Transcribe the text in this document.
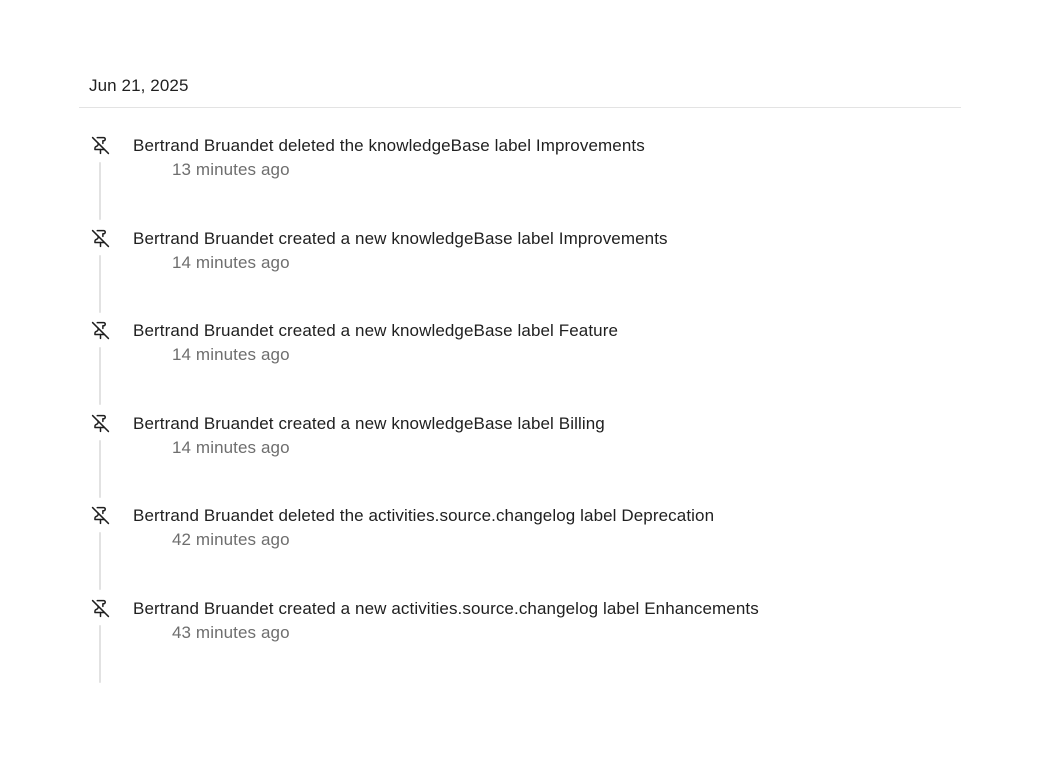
Jun 21, 2025
Bertrand Bruandet deleted the knowledgeBase label Improvements
13 minutes ago
Bertrand Bruandet created a new knowledgeBase label Improvements
14 minutes ago
Bertrand Bruandet created a new knowledgeBase label Feature
14 minutes ago
Bertrand Bruandet created a new knowledgeBase label Billing
14 minutes ago
Bertrand Bruandet deleted the activities.source.changelog label Deprecation
42 minutes ago
Bertrand Bruandet created a new activities.source.changelog label Enhancements
43 minutes ago
